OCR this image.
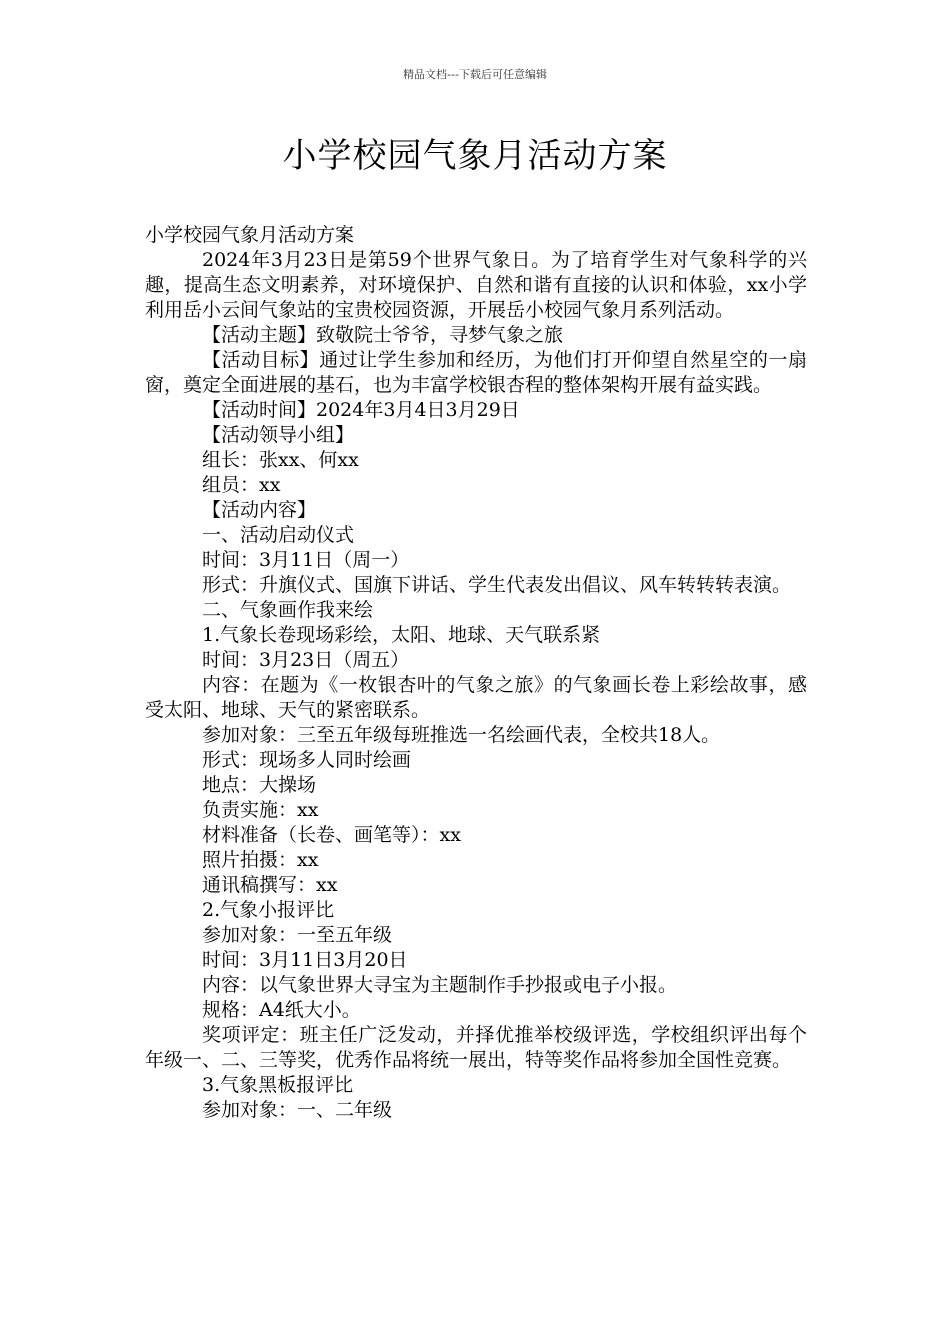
精品文档---下载后可任意编辑
小学校园气象月活动方案

小学校园气象月活动方案

2024年3月23日是第59个世界气象日。为了培育学生对气象科学的兴趣，提高生态文明素养，对环境保护、自然和谐有直接的认识和体验，xx小学利用岳小云间气象站的宝贵校园资源，开展岳小校园气象月系列活动。

【活动主题】致敬院士爷爷，寻梦气象之旅

【活动目标】通过让学生参加和经历，为他们打开仰望自然星空的一扇窗，奠定全面进展的基石，也为丰富学校银杏程的整体架构开展有益实践。

【活动时间】2024年3月4日3月29日

【活动领导小组】

组长：张xx、何xx

组员：xx

【活动内容】

一、活动启动仪式

时间：3月11日（周一）

形式：升旗仪式、国旗下讲话、学生代表发出倡议、风车转转转表演。

二、气象画作我来绘

1.气象长卷现场彩绘，太阳、地球、天气联系紧

时间：3月23日（周五）

内容：在题为《一枚银杏叶的气象之旅》的气象画长卷上彩绘故事，感受太阳、地球、天气的紧密联系。

参加对象：三至五年级每班推选一名绘画代表，全校共18人。

形式：现场多人同时绘画

地点：大操场

负责实施：xx

材料准备（长卷、画笔等）：xx

照片拍摄：xx

通讯稿撰写：xx

2.气象小报评比

参加对象：一至五年级

时间：3月11日3月20日

内容：以气象世界大寻宝为主题制作手抄报或电子小报。

规格：A4纸大小。

奖项评定：班主任广泛发动，并择优推举校级评选，学校组织评出每个年级一、二、三等奖，优秀作品将统一展出，特等奖作品将参加全国性竞赛。

3.气象黑板报评比

参加对象：一、二年级
